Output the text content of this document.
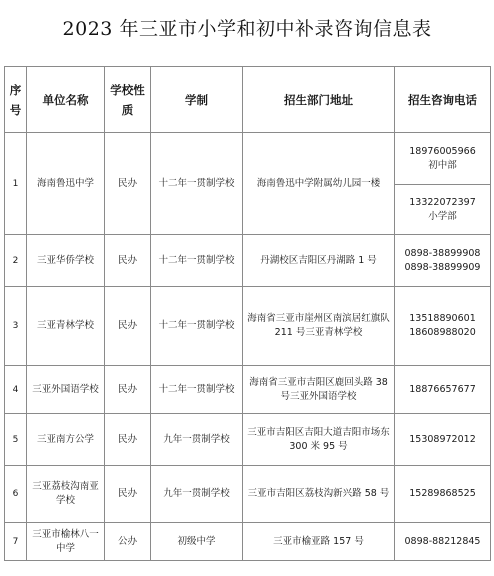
2023 年三亚市小学和初中补录咨询信息表
序号	单位名称	学校性质	学制	招生部门地址	招生咨询电话
1	海南鲁迅中学	民办	十二年一贯制学校	海南鲁迅中学附属幼儿园一楼	18976005966
初中部

					13322072397
小学部

2	三亚华侨学校	民办	十二年一贯制学校	丹湖校区吉阳区丹湖路 1 号	0898-38899908
0898-38899909

3	三亚青林学校	民办	十二年一贯制学校	海南省三亚市崖州区南滨居红旗队 211 号三亚青林学校	13518890601
18608988020

4	三亚外国语学校	民办	十二年一贯制学校	海南省三亚市吉阳区鹿回头路 38 号三亚外国语学校	18876657677

5	三亚南方公学	民办	九年一贯制学校	三亚市吉阳区吉阳大道吉阳市场东 300 米 95 号	15308972012

6	三亚荔枝沟南亚学校	民办	九年一贯制学校	三亚市吉阳区荔枝沟新兴路 58 号	15289868525

7	三亚市榆林八一中学	公办	初级中学	三亚市榆亚路 157 号	0898-88212845
